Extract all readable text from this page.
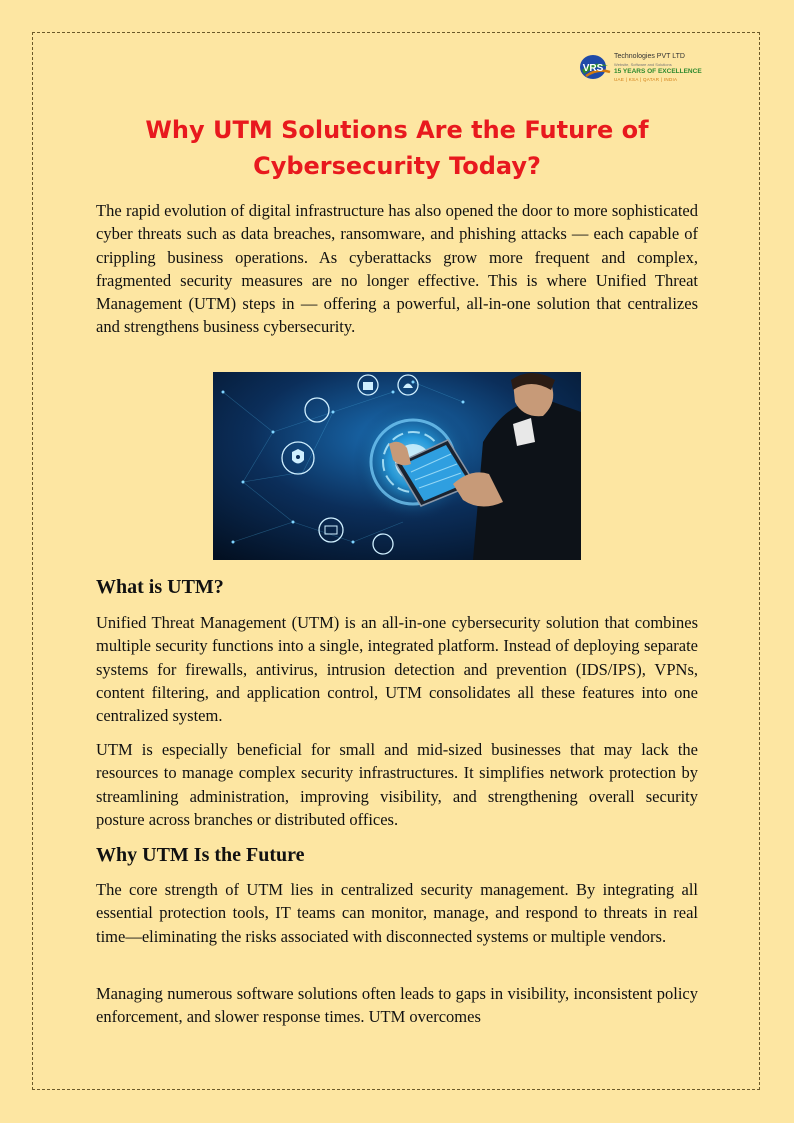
VRS
Technologies PVT LTD
Website, Software and Solutions
15 YEARS OF EXCELLENCE
UAE | KSA | QATAR | INDIA
Why UTM Solutions Are the Future of Cybersecurity Today?

The rapid evolution of digital infrastructure has also opened the door to more sophisticated cyber threats such as data breaches, ransomware, and phishing attacks — each capable of crippling business operations. As cyberattacks grow more frequent and complex, fragmented security measures are no longer effective. This is where Unified Threat Management (UTM) steps in — offering a powerful, all-in-one solution that centralizes and strengthens business cybersecurity.

What is UTM?

Unified Threat Management (UTM) is an all-in-one cybersecurity solution that combines multiple security functions into a single, integrated platform. Instead of deploying separate systems for firewalls, antivirus, intrusion detection and prevention (IDS/IPS), VPNs, content filtering, and application control, UTM consolidates all these features into one centralized system.

UTM is especially beneficial for small and mid-sized businesses that may lack the resources to manage complex security infrastructures. It simplifies network protection by streamlining administration, improving visibility, and strengthening overall security posture across branches or distributed offices.

Why UTM Is the Future

The core strength of UTM lies in centralized security management. By integrating all essential protection tools, IT teams can monitor, manage, and respond to threats in real time—eliminating the risks associated with disconnected systems or multiple vendors.

Managing numerous software solutions often leads to gaps in visibility, inconsistent policy enforcement, and slower response times. UTM overcomes
